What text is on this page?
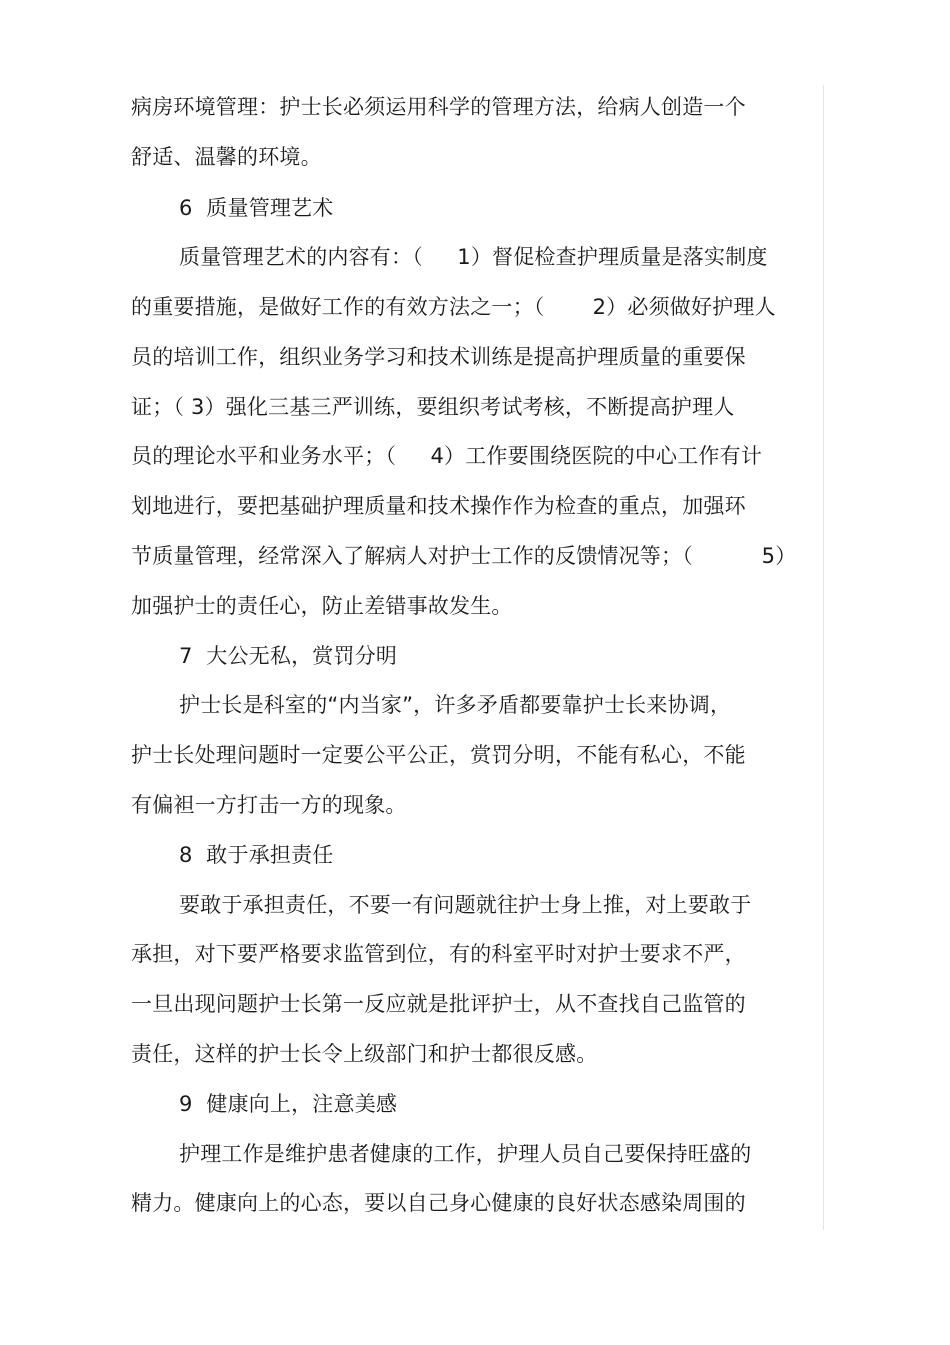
病房环境管理：护士长必须运用科学的管理方法，给病人创造一个
舒适、温馨的环境。
6  质量管理艺术
质量管理艺术的内容有：（     1）督促检查护理质量是落实制度
的重要措施，是做好工作的有效方法之一；（       2）必须做好护理人
员的培训工作，组织业务学习和技术训练是提高护理质量的重要保
证；（ 3）强化三基三严训练，要组织考试考核，不断提高护理人
员的理论水平和业务水平；（     4）工作要围绕医院的中心工作有计
划地进行，要把基础护理质量和技术操作作为检查的重点，加强环
节质量管理，经常深入了解病人对护士工作的反馈情况等；（          5）
加强护士的责任心，防止差错事故发生。
7  大公无私，赏罚分明
护士长是科室的“内当家”，许多矛盾都要靠护士长来协调，
护士长处理问题时一定要公平公正，赏罚分明，不能有私心，不能
有偏袒一方打击一方的现象。
8  敢于承担责任
要敢于承担责任，不要一有问题就往护士身上推，对上要敢于
承担，对下要严格要求监管到位，有的科室平时对护士要求不严，
一旦出现问题护士长第一反应就是批评护士，从不查找自己监管的
责任，这样的护士长令上级部门和护士都很反感。
9  健康向上，注意美感
护理工作是维护患者健康的工作，护理人员自己要保持旺盛的
精力。健康向上的心态，要以自己身心健康的良好状态感染周围的
